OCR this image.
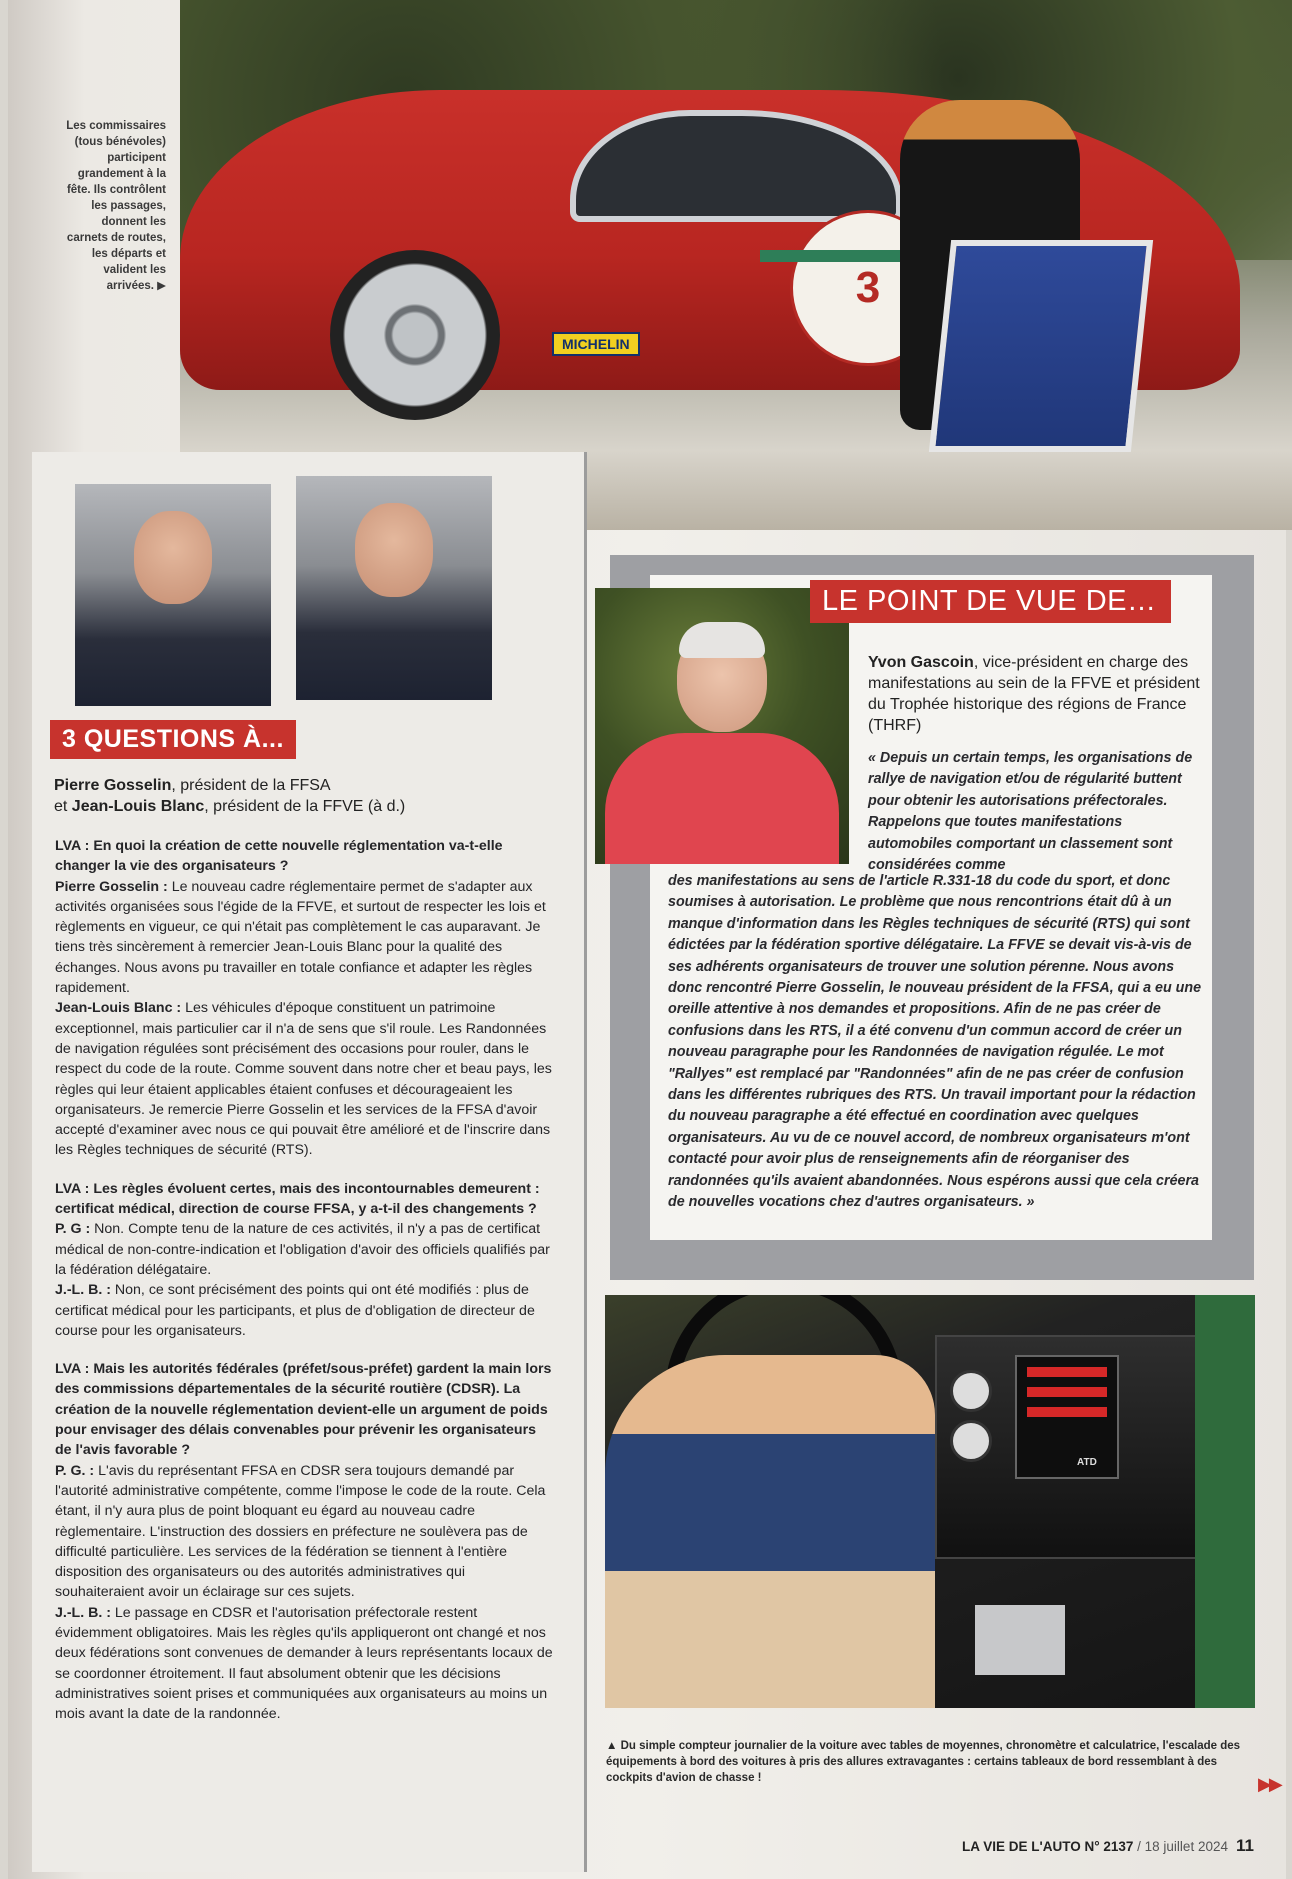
MICHELIN
3
Les commissaires (tous bénévoles) participent grandement à la fête. Ils contrôlent les passages, donnent les carnets de routes, les départs et valident les arrivées. ▶
3 QUESTIONS À...
Pierre Gosselin, président de la FFSA
et Jean-Louis Blanc, président de la FFVE (à d.)

LVA : En quoi la création de cette nouvelle réglementation va-t-elle changer la vie des organisateurs ?

Pierre Gosselin : Le nouveau cadre réglementaire permet de s'adapter aux activités organisées sous l'égide de la FFVE, et surtout de respecter les lois et règlements en vigueur, ce qui n'était pas complètement le cas auparavant. Je tiens très sincèrement à remercier Jean-Louis Blanc pour la qualité des échanges. Nous avons pu travailler en totale confiance et adapter les règles rapidement.

Jean-Louis Blanc : Les véhicules d'époque constituent un patrimoine exceptionnel, mais particulier car il n'a de sens que s'il roule. Les Randonnées de navigation régulées sont précisément des occasions pour rouler, dans le respect du code de la route. Comme souvent dans notre cher et beau pays, les règles qui leur étaient applicables étaient confuses et décourageaient les organisateurs. Je remercie Pierre Gosselin et les services de la FFSA d'avoir accepté d'examiner avec nous ce qui pouvait être amélioré et de l'inscrire dans les Règles techniques de sécurité (RTS).

LVA : Les règles évoluent certes, mais des incontournables demeurent : certificat médical, direction de course FFSA, y a-t-il des changements ?

P. G : Non. Compte tenu de la nature de ces activités, il n'y a pas de certificat médical de non-contre-indication et l'obligation d'avoir des officiels qualifiés par la fédération délégataire.

J.-L. B. : Non, ce sont précisément des points qui ont été modifiés : plus de certificat médical pour les participants, et plus de d'obligation de directeur de course pour les organisateurs.

LVA : Mais les autorités fédérales (préfet/sous-préfet) gardent la main lors des commissions départementales de la sécurité routière (CDSR). La création de la nouvelle réglementation devient-elle un argument de poids pour envisager des délais convenables pour prévenir les organisateurs de l'avis favorable ?

P. G. : L'avis du représentant FFSA en CDSR sera toujours demandé par l'autorité administrative compétente, comme l'impose le code de la route. Cela étant, il n'y aura plus de point bloquant eu égard au nouveau cadre règlementaire. L'instruction des dossiers en préfecture ne soulèvera pas de difficulté particulière. Les services de la fédération se tiennent à l'entière disposition des organisateurs ou des autorités administratives qui souhaiteraient avoir un éclairage sur ces sujets.

J.-L. B. : Le passage en CDSR et l'autorisation préfectorale restent évidemment obligatoires. Mais les règles qu'ils appliqueront ont changé et nos deux fédérations sont convenues de demander à leurs représentants locaux de se coordonner étroitement. Il faut absolument obtenir que les décisions administratives soient prises et communiquées aux organisateurs au moins un mois avant la date de la randonnée.

LE POINT DE VUE DE…
Yvon Gascoin, vice-président en charge des manifestations au sein de la FFVE et président du Trophée historique des régions de France (THRF)
« Depuis un certain temps, les organisations de rallye de navigation et/ou de régularité buttent pour obtenir les autorisations préfectorales. Rappelons que toutes manifestations automobiles comportant un classement sont considérées comme
des manifestations au sens de l'article R.331-18 du code du sport, et donc soumises à autorisation. Le problème que nous rencontrions était dû à un manque d'information dans les Règles techniques de sécurité (RTS) qui sont édictées par la fédération sportive délégataire. La FFVE se devait vis-à-vis de ses adhérents organisateurs de trouver une solution pérenne. Nous avons donc rencontré Pierre Gosselin, le nouveau président de la FFSA, qui a eu une oreille attentive à nos demandes et propositions. Afin de ne pas créer de confusions dans les RTS, il a été convenu d'un commun accord de créer un nouveau paragraphe pour les Randonnées de navigation régulée. Le mot "Rallyes" est remplacé par "Randonnées" afin de ne pas créer de confusion dans les différentes rubriques des RTS. Un travail important pour la rédaction du nouveau paragraphe a été effectué en coordination avec quelques organisateurs. Au vu de ce nouvel accord, de nombreux organisateurs m'ont contacté pour avoir plus de renseignements afin de réorganiser des randonnées qu'ils avaient abandonnées. Nous espérons aussi que cela créera de nouvelles vocations chez d'autres organisateurs. »
ATD
▲ Du simple compteur journalier de la voiture avec tables de moyennes, chronomètre et calculatrice, l'escalade des équipements à bord des voitures à pris des allures extravagantes : certains tableaux de bord ressemblant à des cockpits d'avion de chasse !	▶▶
LA VIE DE L'AUTO N° 2137 / 18 juillet 2024 11
